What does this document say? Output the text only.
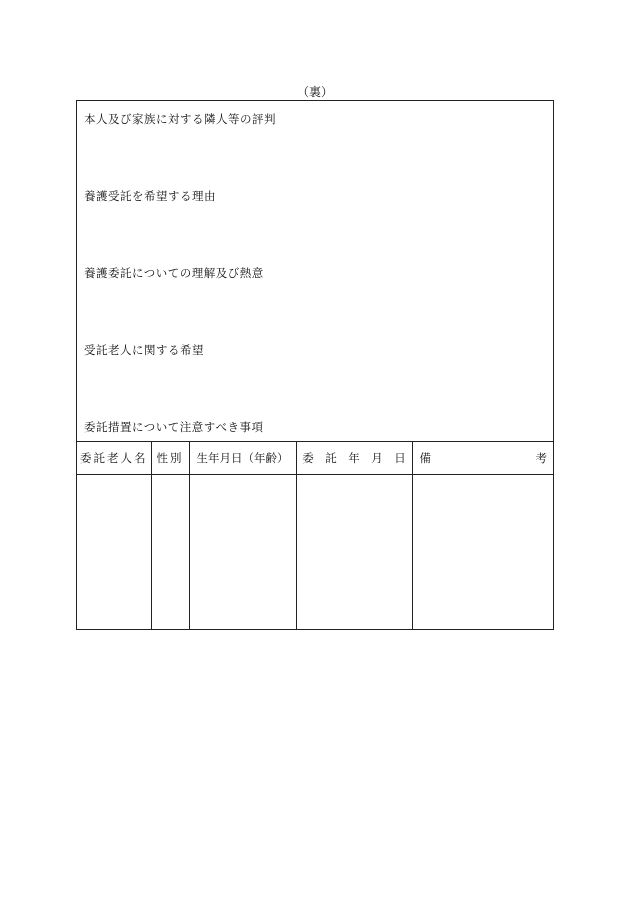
（裏）
本人及び家族に対する隣人等の評判
養護受託を希望する理由
養護委託についての理解及び熱意
受託老人に関する希望
委託措置について注意すべき事項
委託老人名	性別	生年月日（年齢）	委　託　年　月　日	備 考
